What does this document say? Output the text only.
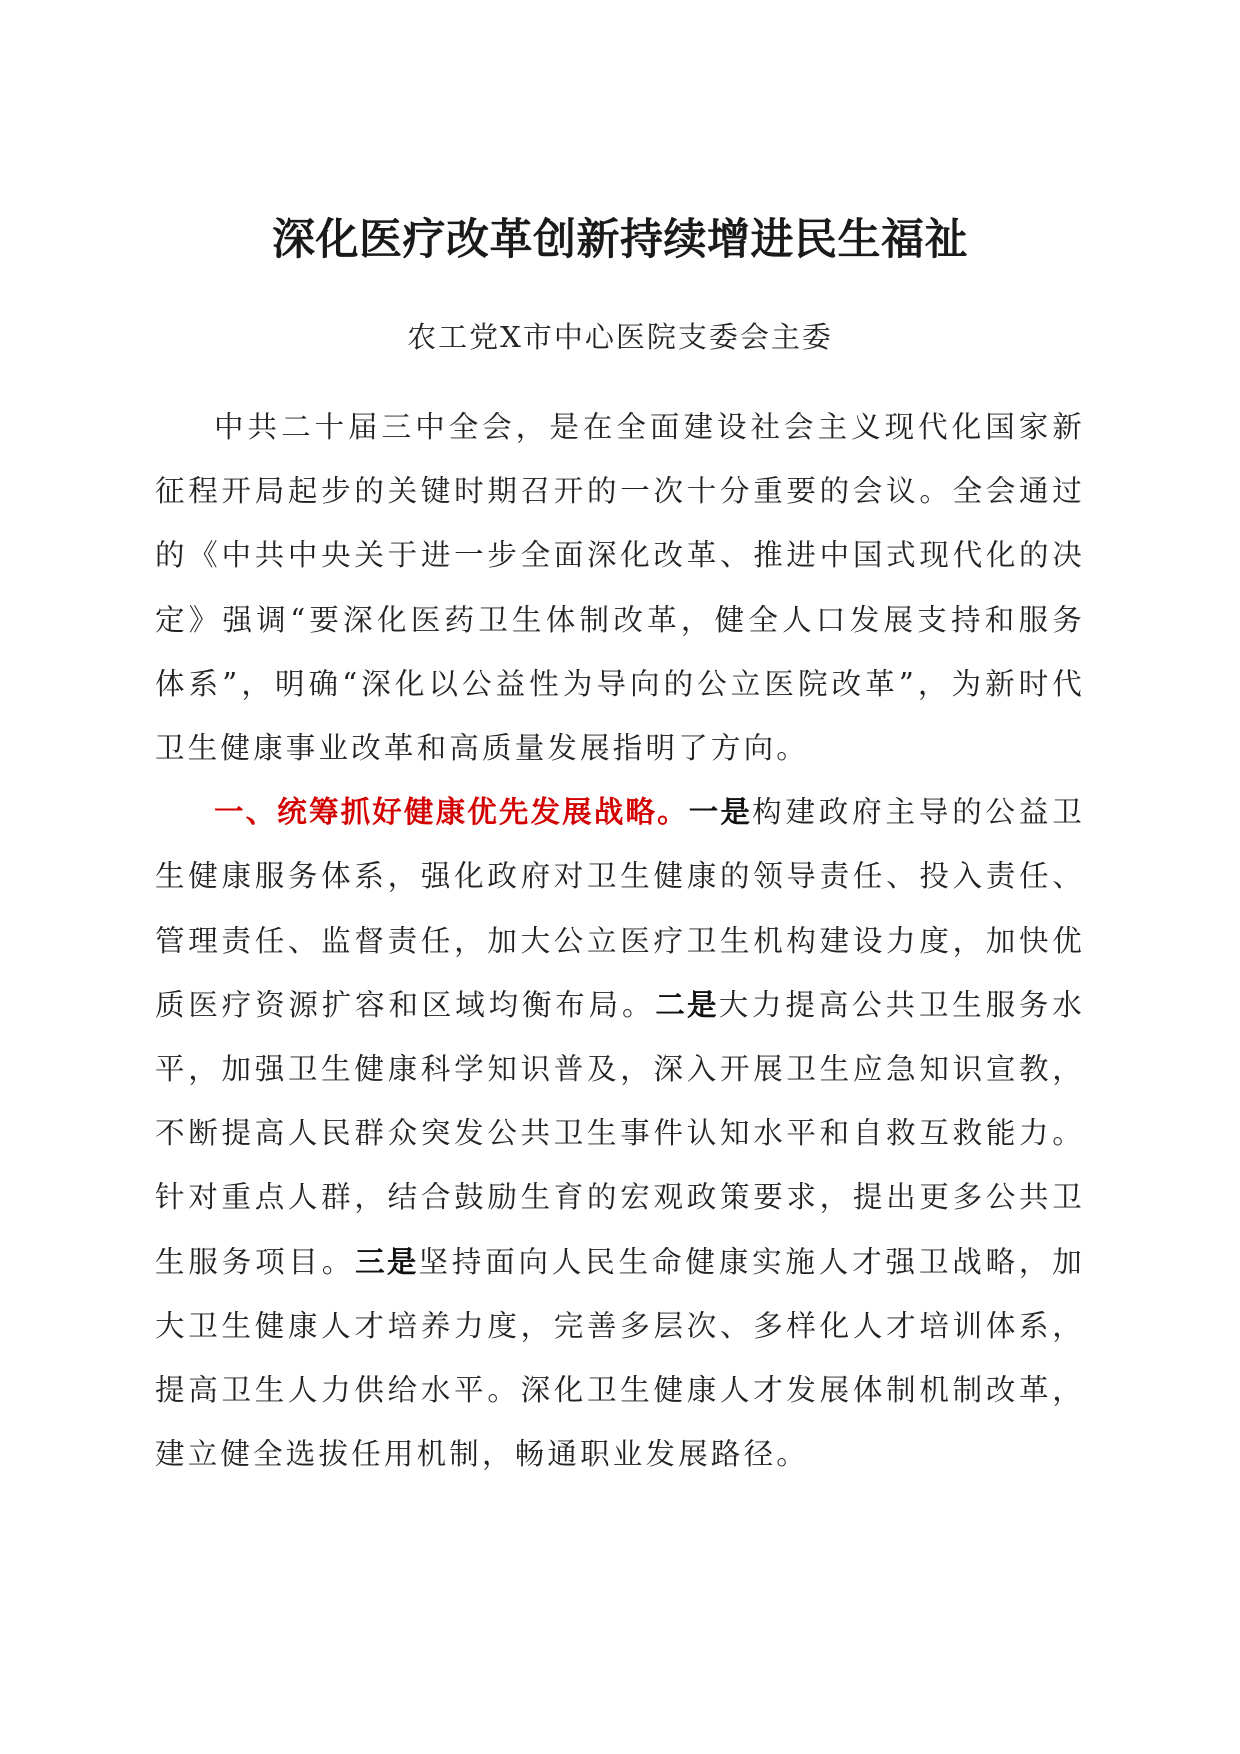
深化医疗改革创新持续增进民生福祉
农工党X市中心医院支委会主委

中共二十届三中全会，是在全面建设社会主义现代化国家新征程开局起步的关键时期召开的一次十分重要的会议。全会通过的《中共中央关于进一步全面深化改革、推进中国式现代化的决定》强调“要深化医药卫生体制改革，健全人口发展支持和服务体系”，明确“深化以公益性为导向的公立医院改革”，为新时代卫生健康事业改革和高质量发展指明了方向。

一、统筹抓好健康优先发展战略。一是构建政府主导的公益卫生健康服务体系，强化政府对卫生健康的领导责任、投入责任、管理责任、监督责任，加大公立医疗卫生机构建设力度，加快优质医疗资源扩容和区域均衡布局。二是大力提高公共卫生服务水平，加强卫生健康科学知识普及，深入开展卫生应急知识宣教，不断提高人民群众突发公共卫生事件认知水平和自救互救能力。针对重点人群，结合鼓励生育的宏观政策要求，提出更多公共卫生服务项目。三是坚持面向人民生命健康实施人才强卫战略，加大卫生健康人才培养力度，完善多层次、多样化人才培训体系，提高卫生人力供给水平。深化卫生健康人才发展体制机制改革，建立健全选拔任用机制，畅通职业发展路径。
